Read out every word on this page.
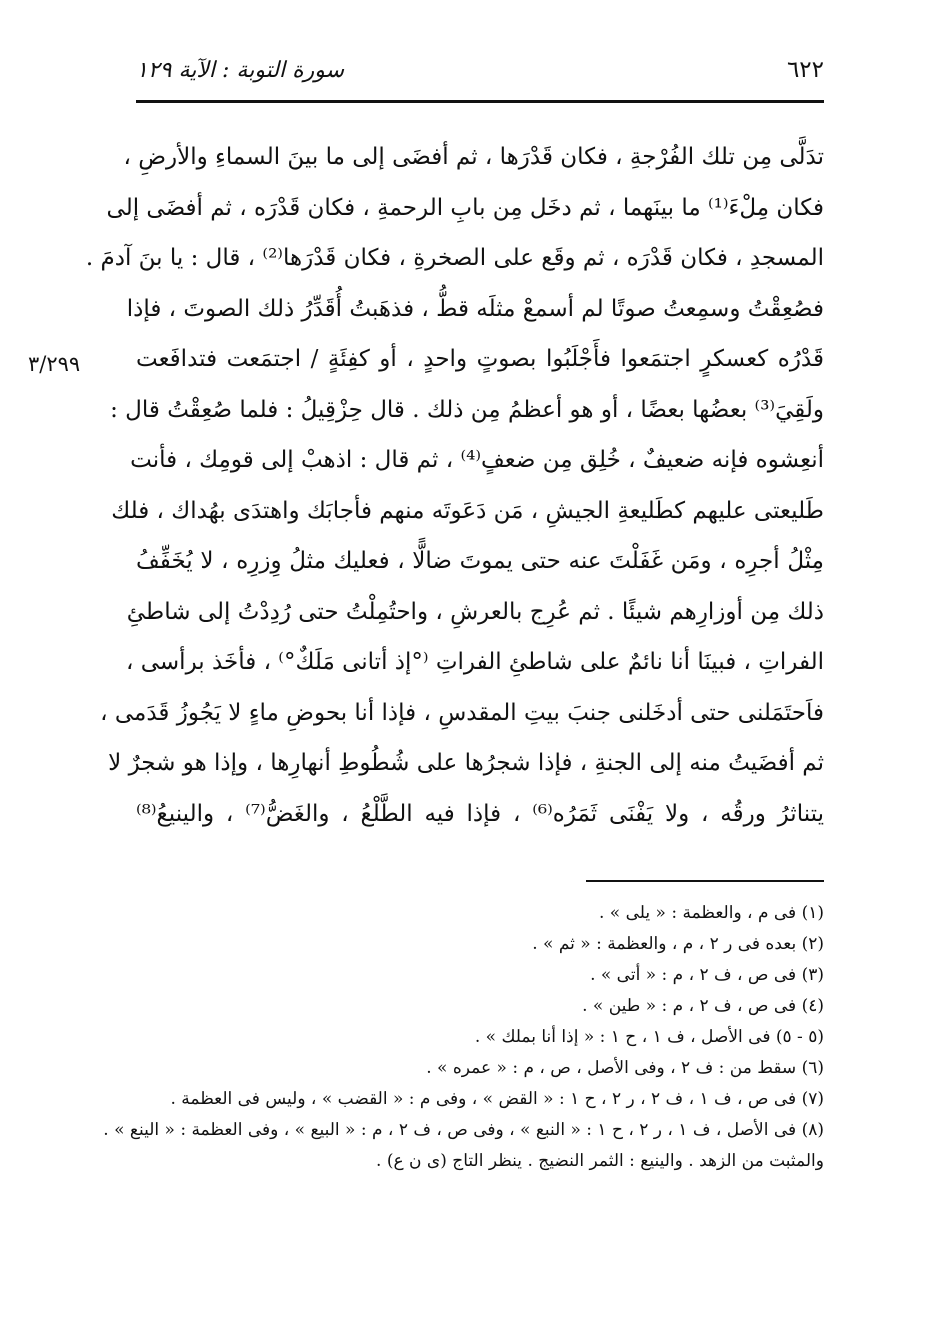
٦٢٢
سورة التوبة : الآية ١٢٩
٣/٢٩٩
تدَلَّى مِن تلك الفُرْجةِ ، فكان قَدْرَها ، ثم أفضَى إلى ما بينَ السماءِ والأرضِ ،
فكان مِلْءَ⁽¹⁾ ما بينَهما ، ثم دخَل مِن بابِ الرحمةِ ، فكان قَدْرَه ، ثم أفضَى إلى
المسجدِ ، فكان قَدْرَه ، ثم وقَع على الصخرةِ ، فكان قَدْرَها⁽²⁾ ، قال : يا بنَ آدمَ .
فصُعِقْتُ وسمِعتُ صوتًا لم أسمعْ مثلَه قطُّ ، فذهَبتُ أُقَدِّرُ ذلك الصوتَ ، فإذا
قَدْرُه كعسكرٍ اجتمَعوا فأَجْلَبُوا بصوتٍ واحدٍ ، أو كفِئَةٍ / اجتمَعت فتدافَعت
ولَقِيَ⁽³⁾ بعضُها بعضًا ، أو هو أعظمُ مِن ذلك . قال حِزْقِيلُ : فلما صُعِقْتُ قال :
أنعِشوه فإنه ضعيفٌ ، خُلِق مِن ضعفٍ⁽⁴⁾ ، ثم قال : اذهبْ إلى قومِك ، فأنت
طَليعتى عليهم كطَليعةِ الجيشِ ، مَن دَعَوتَه منهم فأجابَك واهتدَى بهُداك ، فلك
مِثْلُ أجرِه ، ومَن غَفَلْتَ عنه حتى يموتَ ضالًّا ، فعليك مثلُ وِزرِه ، لا يُخَفِّفُ
ذلك مِن أوزارِهم شيئًا . ثم عُرِج بالعرشِ ، واحتُمِلْتُ حتى رُدِدْتُ إلى شاطئِ
الفراتِ ، فبينَا أنا نائمٌ على شاطئِ الفراتِ ⁽°إذ أتانى مَلَكٌ°⁾ ، فأخَذ برأسى ،
فاَحتَمَلنى حتى أدخَلنى جنبَ بيتِ المقدسِ ، فإذا أنا بحوضِ ماءٍ لا يَجُوزُ قَدَمى ،
ثم أفضَيتُ منه إلى الجنةِ ، فإذا شجرُها على شُطُوطِ أنهارِها ، وإذا هو شجرٌ لا
يتناثرُ ورقُه ، ولا يَفْنَى ثَمَرُه⁽⁶⁾ ، فإذا فيه الطَّلْعُ ، والغَضُّ⁽⁷⁾ ، والينيعُ⁽⁸⁾
(١) فى م ، والعظمة : « يلى » .
(٢) بعده فى ر ٢ ، م ، والعظمة : « ثم » .
(٣) فى ص ، ف ٢ ، م : « أتى » .
(٤) فى ص ، ف ٢ ، م : « طين » .
(٥ - ٥) فى الأصل ، ف ١ ، ح ١ : « إذا أنا بملك » .
(٦) سقط من : ف ٢ ، وفى الأصل ، ص ، م : « عمره » .
(٧) فى ص ، ف ١ ، ف ٢ ، ر ٢ ، ح ١ : « القض » ، وفى م : « القضب » ، وليس فى العظمة .
(٨) فى الأصل ، ف ١ ، ر ٢ ، ح ١ : « النبع » ، وفى ص ، ف ٢ ، م : « البيع » ، وفى العظمة : « الينع » .
والمثبت من الزهد . والينيع : الثمر النضيج . ينظر التاج (ى ن ع) .
